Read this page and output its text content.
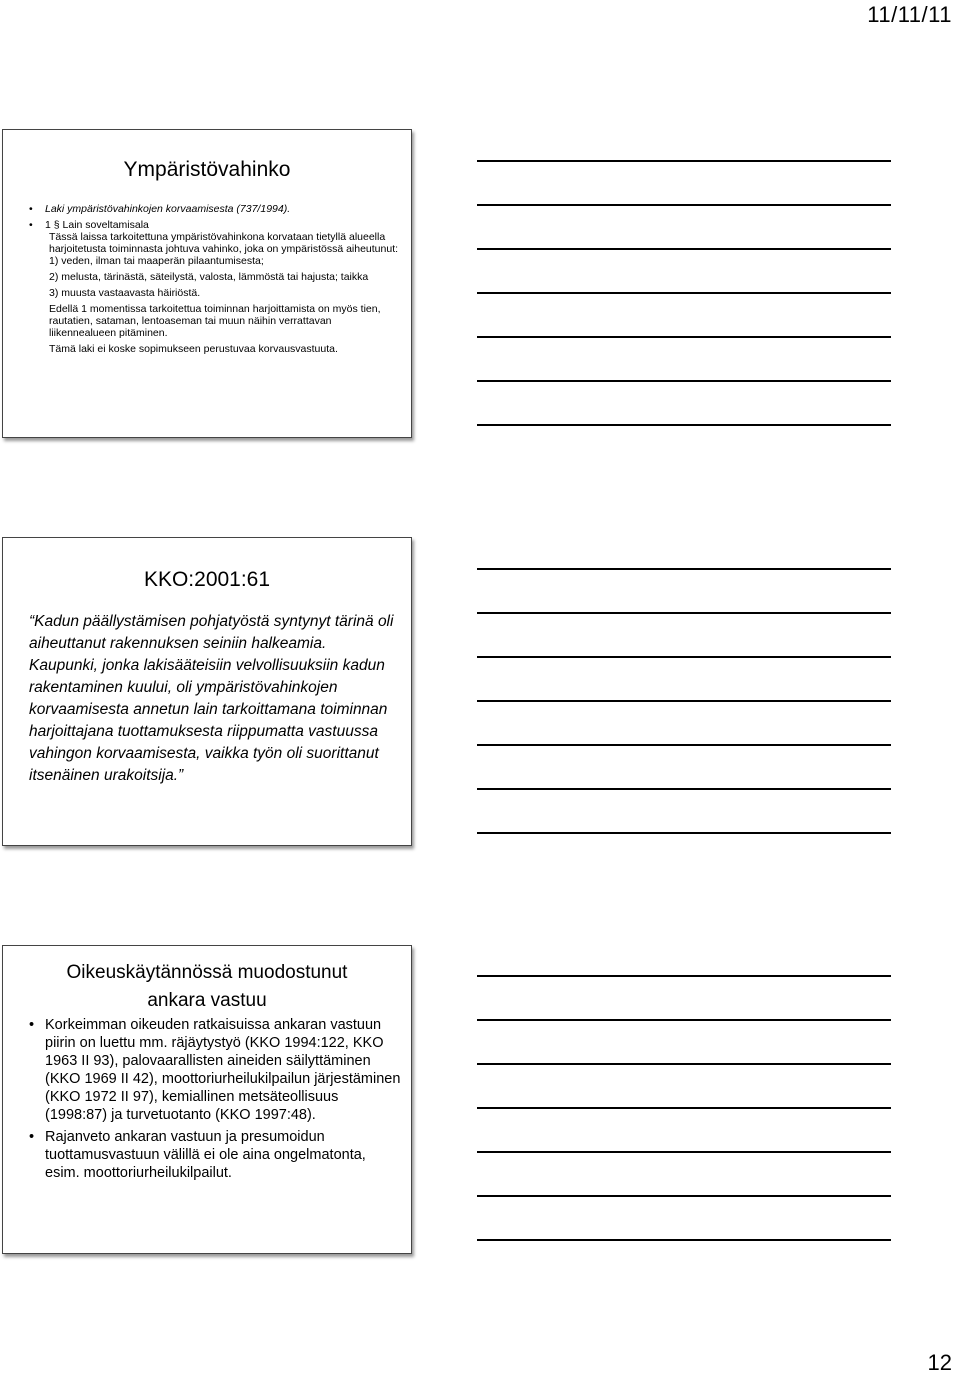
11/11/11
Ympäristövahinko
• Laki ympäristövahinkojen korvaamisesta (737/1994).
• 1 § Lain soveltamisala
Tässä laissa tarkoitettuna ympäristövahinkona korvataan tietyllä alueella harjoitetusta toiminnasta johtuva vahinko, joka on ympäristössä aiheutunut:
1) veden, ilman tai maaperän pilaantumisesta;
2) melusta, tärinästä, säteilystä, valosta, lämmöstä tai hajusta; taikka
3) muusta vastaavasta häiriöstä.
Edellä 1 momentissa tarkoitettua toiminnan harjoittamista on myös tien, rautatien, sataman, lentoaseman tai muun näihin verrattavan liikennealueen pitäminen.
Tämä laki ei koske sopimukseen perustuvaa korvausvastuuta.
KKO:2001:61
“Kadun päällystämisen pohjatyöstä syntynyt tärinä oli aiheuttanut rakennuksen seiniin halkeamia. Kaupunki, jonka lakisääteisiin velvollisuuksiin kadun rakentaminen kuului, oli ympäristövahinkojen korvaamisesta annetun lain tarkoittamana toiminnan harjoittajana tuottamuksesta riippumatta vastuussa vahingon korvaamisesta, vaikka työn oli suorittanut itsenäinen urakoitsija.”
Oikeuskäytännössä muodostunut
ankara vastuu
• Korkeimman oikeuden ratkaisuissa ankaran vastuun piirin on luettu mm. räjäytystyö (KKO 1994:122, KKO 1963 II 93), palovaarallisten aineiden säilyttäminen (KKO 1969 II 42), moottoriurheilukilpailun järjestäminen (KKO 1972 II 97), kemiallinen metsäteollisuus (1998:87) ja turvetuotanto (KKO 1997:48).
• Rajanveto ankaran vastuun ja presumoidun tuottamusvastuun välillä ei ole aina ongelmatonta, esim. moottoriurheilukilpailut.
12
